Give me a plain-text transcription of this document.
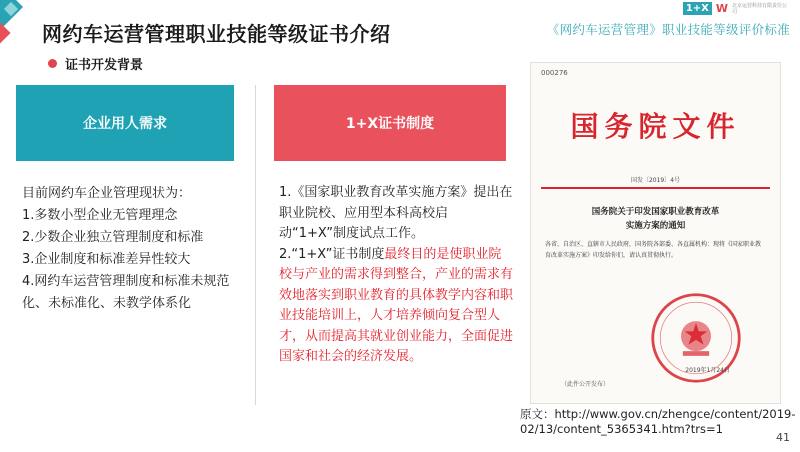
网约车运营管理职业技能等级证书介绍
证书开发背景
1+X W 北京运营科技有限责任公司
《网约车运营管理》职业技能等级评价标准
企业用人需求	1+X证书制度
目前网约车企业管理现状为：
1.多数小型企业无管理理念
2.少数企业独立管理制度和标准
3.企业制度和标准差异性较大
4.网约车运营管理制度和标准未规范化、未标准化、未教学体系化
1.《国家职业教育改革实施方案》提出在职业院校、应用型本科高校启动“1+X”制度试点工作。
2.“1+X”证书制度最终目的是使职业院校与产业的需求得到整合，产业的需求有效地落实到职业教育的具体教学内容和职业技能培训上，人才培养倾向复合型人才，从而提高其就业创业能力，全面促进国家和社会的经济发展。
000276
国务院文件
国发〔2019〕4号
国务院关于印发国家职业教育改革
实施方案的通知
各省、自治区、直辖市人民政府，国务院各部委、各直属机构：现将《国家职业教育改革实施方案》印发给你们，请认真贯彻执行。
2019年1月24日
（此件公开发布）
原文：http://www.gov.cn/zhengce/content/2019-02/13/content_5365341.htm?trs=1
41
